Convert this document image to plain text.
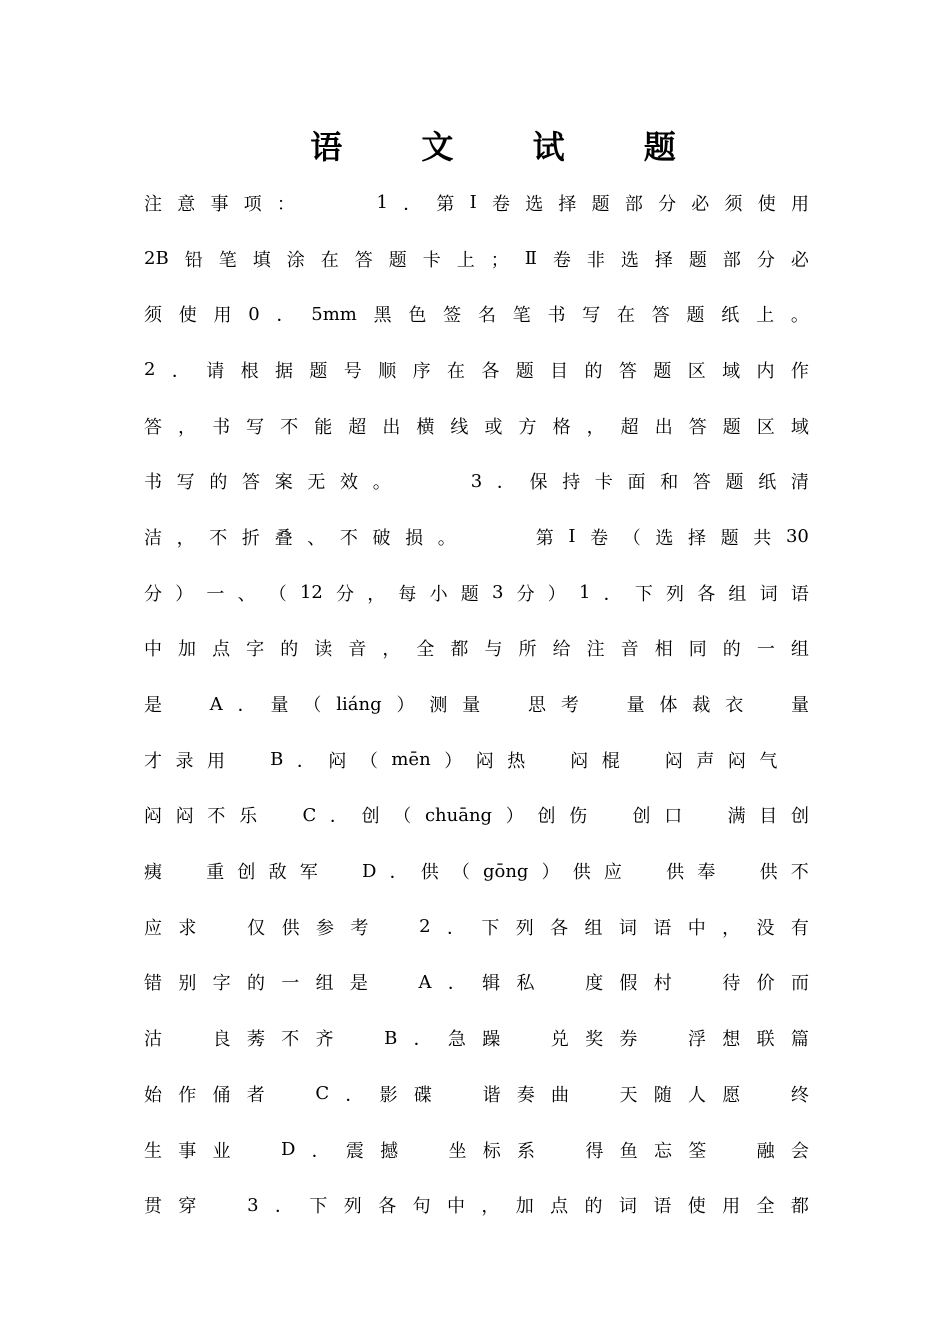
语 文 试 题
注 意 事 项 ：

　	1 ． 第 Ⅰ 卷 选 择 题 部 分 必 须 使 用
2B 铅 笔 填 涂 在 答 题 卡 上 ； Ⅱ 卷 非 选 择 题 部 分 必
须 使 用 0 ． 5mm 黑 色 签 名 笔 书 写 在 答 题 纸 上 。
2 ． 请 根 据 题 号 顺 序 在 各 题 目 的 答 题 区 域 内 作
答 ， 书 写 不 能 超 出 横 线 或 方 格 ， 超 出 答 题 区 域
书 写 的 答 案 无 效 。

　	3 ． 保 持 卡 面 和 答 题 纸 清
洁 ， 不 折 叠 、 不 破 损 。

　	第 Ⅰ 卷 （ 选 择 题 共 30
分 ） 一 、 （ 12 分 ， 每 小 题 3 分 ） 1 ． 下 列 各 组 词 语
中 加 点 字 的 读 音 ， 全 都 与 所 给 注 音 相 同 的 一 组
是
　	A ． 量 （ liáng ） 测 量
　	思 考
　	量 体 裁 衣
　	量
才 录 用
　	B ． 闷 （ mēn ） 闷 热
　	闷 棍
　	闷 声 闷 气

闷 闷 不 乐
　	C ． 创 （ chuāng ） 创 伤
　	创 口
　	满 目 创
痍
　 重 创 敌 军
　 D ． 供 （ gōng ） 供 应
　 供 奉
　 供 不
应 求
　	仅 供 参 考
　	2 ． 下 列 各 组 词 语 中 ， 没 有
错 别 字 的 一 组 是
　	A ． 辑 私
　	度 假 村
　	待 价 而
沽
　	良 莠 不 齐
　	B ． 急 躁
　	兑 奖 券
　	浮 想 联 篇
始 作 俑 者
　	C ． 影 碟
　	谐 奏 曲
　	天 随 人 愿
　	终
生 事 业
　	D ． 震 撼
　	坐 标 系
　	得 鱼 忘 筌
　	融 会
贯 穿
　	3 ． 下 列 各 句 中 ， 加 点 的 词 语 使 用 全 都
